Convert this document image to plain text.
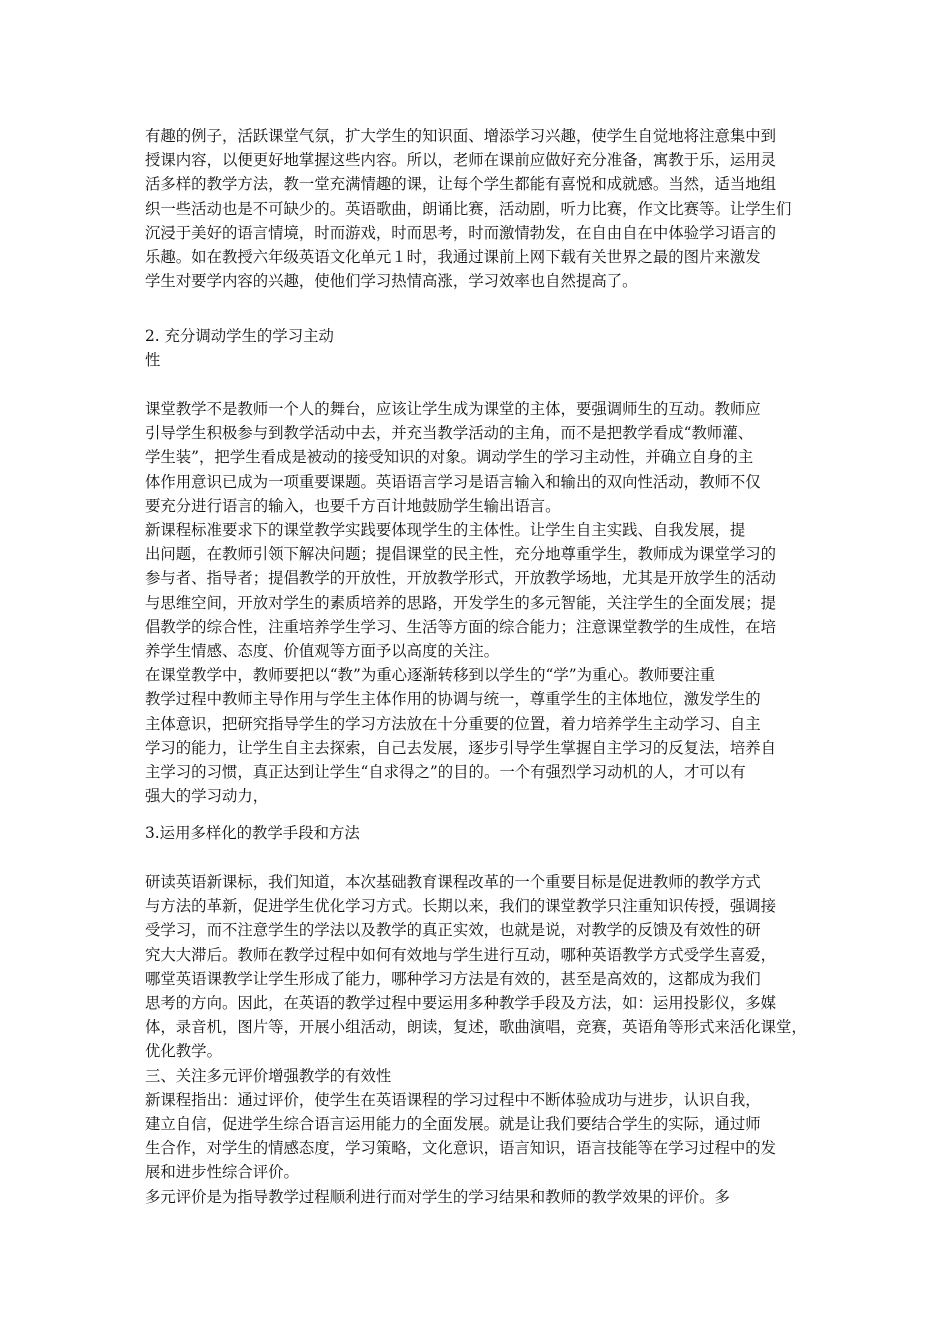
有趣的例子，活跃课堂气氛，扩大学生的知识面、增添学习兴趣，使学生自觉地将注意集中到
授课内容，以便更好地掌握这些内容。所以，老师在课前应做好充分准备，寓教于乐，运用灵
活多样的教学方法，教一堂充满情趣的课，让每个学生都能有喜悦和成就感。当然，适当地组
织一些活动也是不可缺少的。英语歌曲，朗诵比赛，活动剧，听力比赛，作文比赛等。让学生们
沉浸于美好的语言情境，时而游戏，时而思考，时而激情勃发，在自由自在中体验学习语言的
乐趣。如在教授六年级英语文化单元１时，我通过课前上网下载有关世界之最的图片来激发
学生对要学内容的兴趣，使他们学习热情高涨，学习效率也自然提高了。

2. 充分调动学生的学习主动
性

课堂教学不是教师一个人的舞台，应该让学生成为课堂的主体，要强调师生的互动。教师应
引导学生积极参与到教学活动中去，并充当教学活动的主角，而不是把教学看成“教师灌、
学生装”，把学生看成是被动的接受知识的对象。调动学生的学习主动性，并确立自身的主
体作用意识已成为一项重要课题。英语语言学习是语言输入和输出的双向性活动，教师不仅
要充分进行语言的输入，也要千方百计地鼓励学生输出语言。
新课程标准要求下的课堂教学实践要体现学生的主体性。让学生自主实践、自我发展，提
出问题，在教师引领下解决问题；提倡课堂的民主性，充分地尊重学生，教师成为课堂学习的
参与者、指导者；提倡教学的开放性，开放教学形式，开放教学场地，尤其是开放学生的活动
与思维空间，开放对学生的素质培养的思路，开发学生的多元智能，关注学生的全面发展；提
倡教学的综合性，注重培养学生学习、生活等方面的综合能力；注意课堂教学的生成性，在培
养学生情感、态度、价值观等方面予以高度的关注。
在课堂教学中，教师要把以“教”为重心逐渐转移到以学生的“学”为重心。教师要注重
教学过程中教师主导作用与学生主体作用的协调与统一，尊重学生的主体地位，激发学生的
主体意识，把研究指导学生的学习方法放在十分重要的位置，着力培养学生主动学习、自主
学习的能力，让学生自主去探索，自己去发展，逐步引导学生掌握自主学习的反复法，培养自
主学习的习惯，真正达到让学生“自求得之”的目的。一个有强烈学习动机的人，才可以有
强大的学习动力，

3.运用多样化的教学手段和方法

研读英语新课标，我们知道，本次基础教育课程改革的一个重要目标是促进教师的教学方式
与方法的革新，促进学生优化学习方式。长期以来，我们的课堂教学只注重知识传授，强调接
受学习，而不注意学生的学法以及教学的真正实效，也就是说，对教学的反馈及有效性的研
究大大滞后。教师在教学过程中如何有效地与学生进行互动，哪种英语教学方式受学生喜爱，
哪堂英语课教学让学生形成了能力，哪种学习方法是有效的，甚至是高效的，这都成为我们
思考的方向。因此，在英语的教学过程中要运用多种教学手段及方法，如：运用投影仪，多媒
体，录音机，图片等，开展小组活动，朗读，复述，歌曲演唱，竞赛，英语角等形式来活化课堂，
优化教学。
三、关注多元评价增强教学的有效性
新课程指出：通过评价，使学生在英语课程的学习过程中不断体验成功与进步，认识自我，
建立自信，促进学生综合语言运用能力的全面发展。就是让我们要结合学生的实际，通过师
生合作，对学生的情感态度，学习策略，文化意识，语言知识，语言技能等在学习过程中的发
展和进步性综合评价。
多元评价是为指导教学过程顺利进行而对学生的学习结果和教师的教学效果的评价。多
